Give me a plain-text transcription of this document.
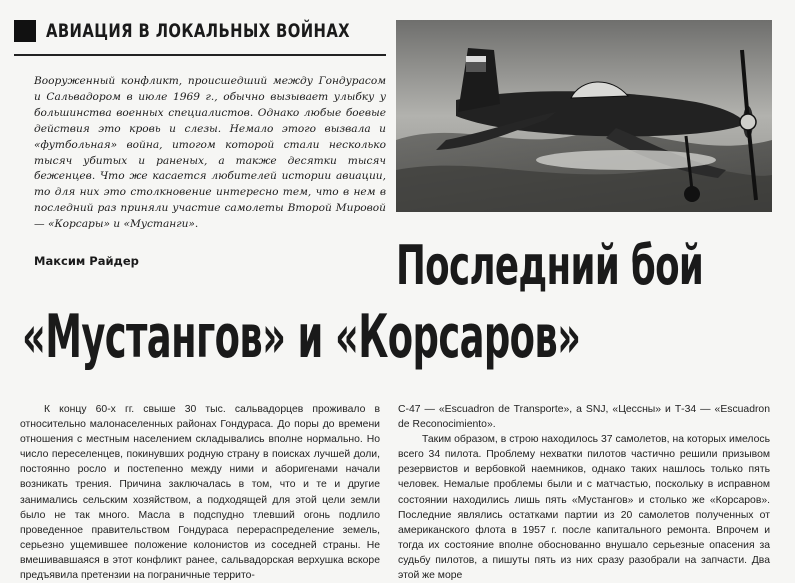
АВИАЦИЯ В ЛОКАЛЬНЫХ ВОЙНАХ
Вооруженный конфликт, происшедший между Гондурасом и Сальвадором в июле 1969 г., обычно вызывает улыбку у большинства военных специалистов. Однако любые боевые действия это кровь и слезы. Немало этого вызвала и «футбольная» война, итогом которой стали несколько тысяч убитых и раненых, а также десятки тысяч беженцев. Что же касается любителей истории авиации, то для них это столкновение интересно тем, что в нем в последний раз приняли участие самолеты Второй Мировой — «Корсары» и «Мустанги».
Максим Райдер	Последний бой
«Мустангов» и «Корсаров»
К концу 60-х гг. свыше 30 тыс. сальвадорцев проживало в относительно малонаселенных районах Гондураса. До поры до времени отношения с местным населением складывались вполне нормально. Но число переселенцев, покинувших родную страну в поисках лучшей доли, постоянно росло и постепенно между ними и аборигенами начали возникать трения. Причина заключалась в том, что и те и другие занимались сельским хозяйством, а подходящей для этой цели земли было не так много. Масла в подспудно тлевший огонь подлило проведенное правительством Гондураса перераспределение земель, серьезно ущемившее положение колонистов из соседней страны. Не вмешивавшаяся в этот конфликт ранее, сальвадорская верхушка вскоре предъявила претензии на пограничные террито-

С-47 — «Escuadron de Transporte», а SNJ, «Цессны» и Т-34 — «Escuadron de Reconocimiento».

Таким образом, в строю находилось 37 самолетов, на которых имелось всего 34 пилота. Проблему нехватки пилотов частично решили призывом резервистов и вербовкой наемников, однако таких нашлось только пять человек. Немалые проблемы были и с матчастью, поскольку в исправном состоянии находились лишь пять «Мустангов» и столько же «Корсаров». Последние являлись остатками партии из 20 самолетов полученных от американского флота в 1957 г. после капитального ремонта. Впрочем и тогда их состояние вполне обоснованно внушало серьезные опасения за судьбу пилотов, а пишуты пять из них сразу разобрали на запчасти. Два этой же море
